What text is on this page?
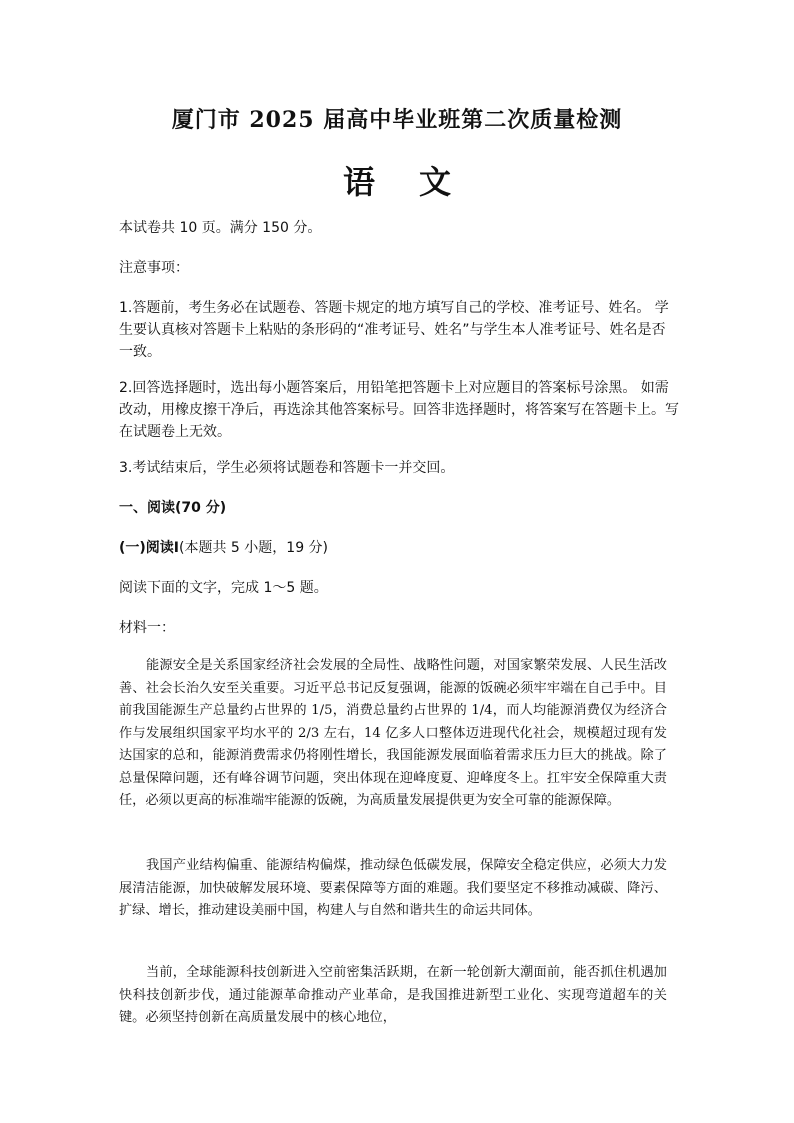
厦门市 2025 届高中毕业班第二次质量检测
语文
本试卷共 10 页。满分 150 分。
注意事项：
1.答题前，考生务必在试题卷、答题卡规定的地方填写自己的学校、准考证号、姓名。 学生要认真核对答题卡上粘贴的条形码的“准考证号、姓名”与学生本人准考证号、姓名是否一致。
2.回答选择题时，选出每小题答案后，用铅笔把答题卡上对应题目的答案标号涂黑。 如需改动，用橡皮擦干净后，再选涂其他答案标号。回答非选择题时，将答案写在答题卡上。写在试题卷上无效。
3.考试结束后，学生必须将试题卷和答题卡一并交回。
一、阅读(70 分)
(一)阅读Ⅰ(本题共 5 小题，19 分)
阅读下面的文字，完成 1～5 题。
材料一：
能源安全是关系国家经济社会发展的全局性、战略性问题，对国家繁荣发展、人民生活改善、社会长治久安至关重要。习近平总书记反复强调，能源的饭碗必须牢牢端在自己手中。目前我国能源生产总量约占世界的 1/5，消费总量约占世界的 1/4，而人均能源消费仅为经济合作与发展组织国家平均水平的 2/3 左右，14 亿多人口整体迈进现代化社会，规模超过现有发达国家的总和，能源消费需求仍将刚性增长，我国能源发展面临着需求压力巨大的挑战。除了总量保障问题，还有峰谷调节问题，突出体现在迎峰度夏、迎峰度冬上。扛牢安全保障重大责任，必须以更高的标准端牢能源的饭碗，为高质量发展提供更为安全可靠的能源保障。
我国产业结构偏重、能源结构偏煤，推动绿色低碳发展，保障安全稳定供应，必须大力发展清洁能源，加快破解发展环境、要素保障等方面的难题。我们要坚定不移推动减碳、降污、扩绿、增长，推动建设美丽中国，构建人与自然和谐共生的命运共同体。
当前，全球能源科技创新进入空前密集活跃期，在新一轮创新大潮面前，能否抓住机遇加快科技创新步伐，通过能源革命推动产业革命，是我国推进新型工业化、实现弯道超车的关键。必须坚持创新在高质量发展中的核心地位，
